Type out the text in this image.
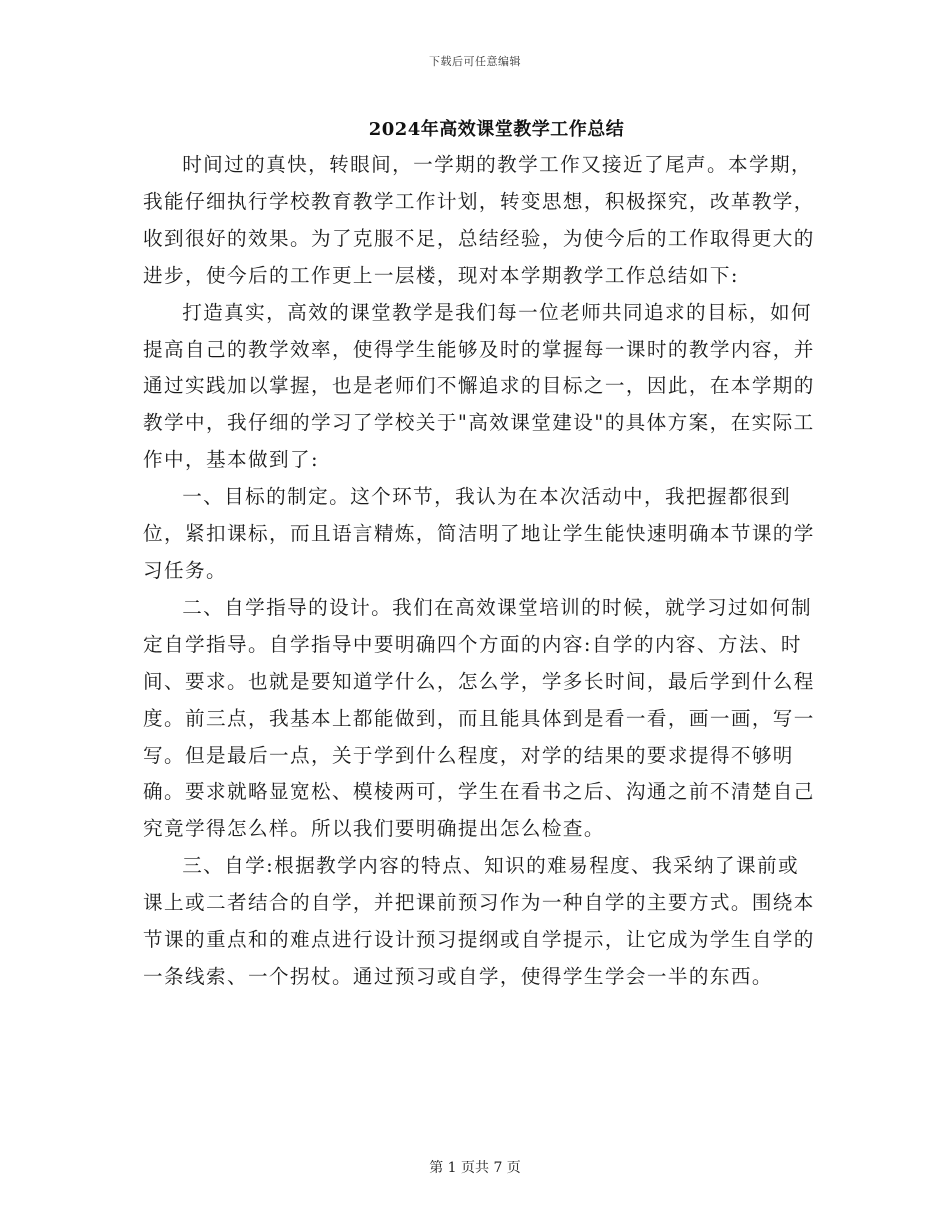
下载后可任意编辑
2024年高效课堂教学工作总结

时间过的真快，转眼间，一学期的教学工作又接近了尾声。本学期，我能仔细执行学校教育教学工作计划，转变思想，积极探究，改革教学，收到很好的效果。为了克服不足，总结经验，为使今后的工作取得更大的进步，使今后的工作更上一层楼，现对本学期教学工作总结如下:

打造真实，高效的课堂教学是我们每一位老师共同追求的目标，如何提高自己的教学效率，使得学生能够及时的掌握每一课时的教学内容，并通过实践加以掌握，也是老师们不懈追求的目标之一，因此，在本学期的教学中，我仔细的学习了学校关于"高效课堂建设"的具体方案，在实际工作中，基本做到了:

一、目标的制定。这个环节，我认为在本次活动中，我把握都很到位，紧扣课标，而且语言精炼，简洁明了地让学生能快速明确本节课的学习任务。

二、自学指导的设计。我们在高效课堂培训的时候，就学习过如何制定自学指导。自学指导中要明确四个方面的内容:自学的内容、方法、时间、要求。也就是要知道学什么，怎么学，学多长时间，最后学到什么程度。前三点，我基本上都能做到，而且能具体到是看一看，画一画，写一写。但是最后一点，关于学到什么程度，对学的结果的要求提得不够明确。要求就略显宽松、模棱两可，学生在看书之后、沟通之前不清楚自己究竟学得怎么样。所以我们要明确提出怎么检查。

三、自学:根据教学内容的特点、知识的难易程度、我采纳了课前或课上或二者结合的自学，并把课前预习作为一种自学的主要方式。围绕本节课的重点和的难点进行设计预习提纲或自学提示，让它成为学生自学的一条线索、一个拐杖。通过预习或自学，使得学生学会一半的东西。

第 1 页共 7 页
